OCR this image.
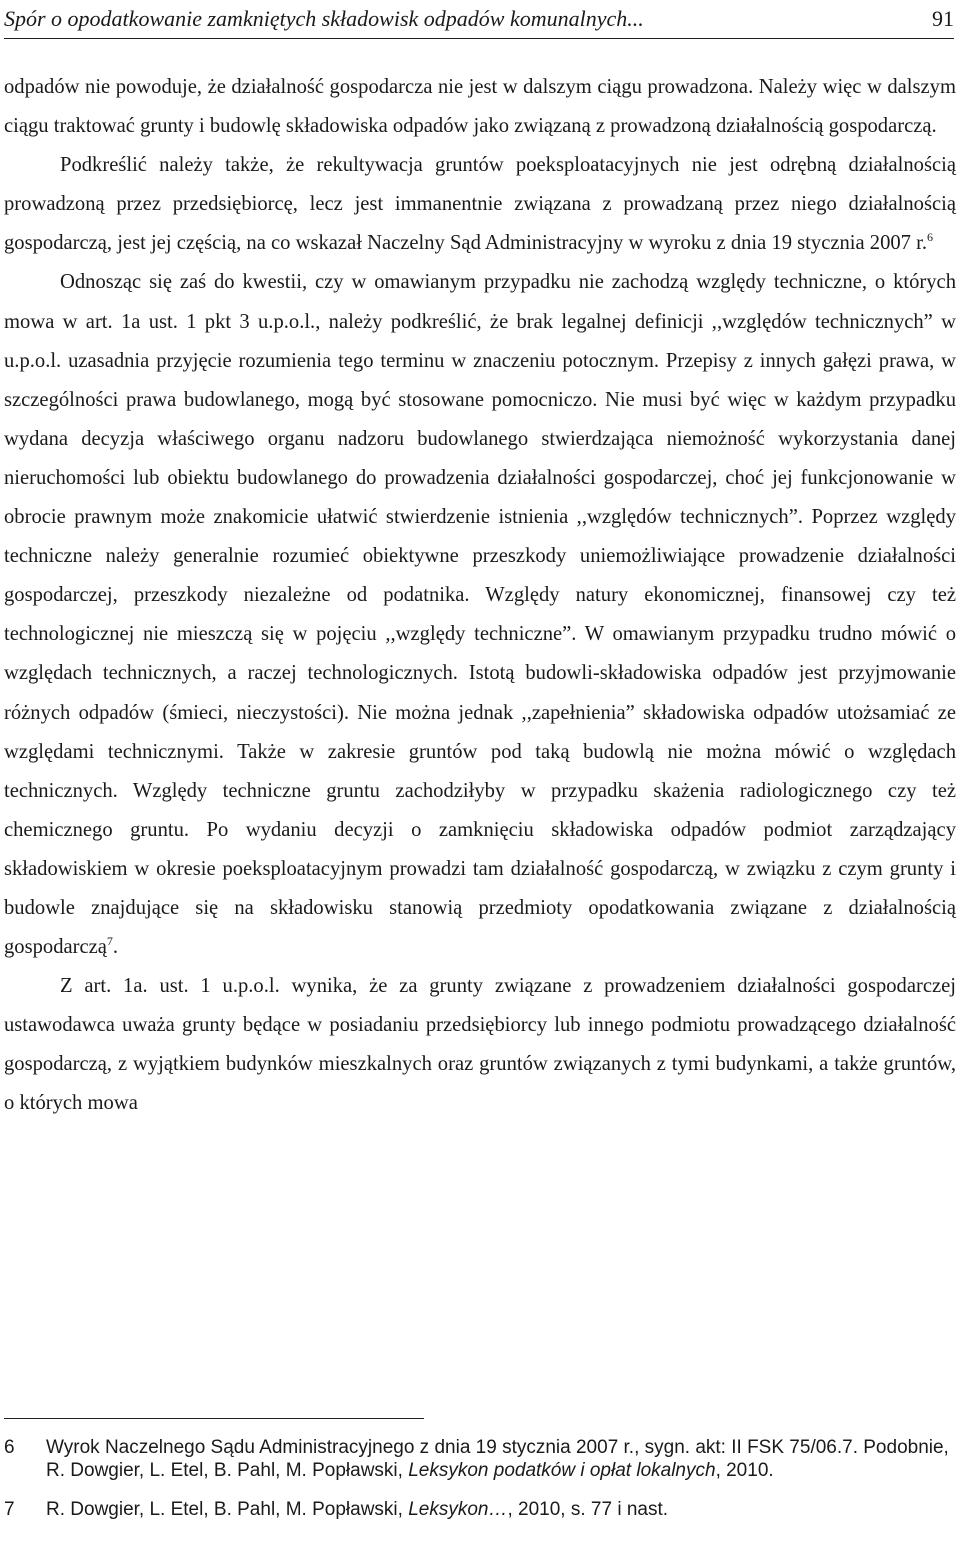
Spór o opodatkowanie zamkniętych składowisk odpadów komunalnych...	91

odpadów nie powoduje, że działalność gospodarcza nie jest w dalszym ciągu prowadzona. Należy więc w dalszym ciągu traktować grunty i budowlę składowiska odpadów jako związaną z prowadzoną działalnością gospodarczą.

Podkreślić należy także, że rekultywacja gruntów poeksploatacyjnych nie jest odrębną działalnością prowadzoną przez przedsiębiorcę, lecz jest immanentnie związana z prowadzaną przez niego działalnością gospodarczą, jest jej częścią, na co wskazał Naczelny Sąd Administracyjny w wyroku z dnia 19 stycznia 2007 r.$^6$

Odnosząc się zaś do kwestii, czy w omawianym przypadku nie zachodzą względy techniczne, o których mowa w art. 1a ust. 1 pkt 3 u.p.o.l., należy podkreślić, że brak legalnej definicji ,,względów technicznych” w u.p.o.l. uzasadnia przyjęcie rozumienia tego terminu w znaczeniu potocznym. Przepisy z innych gałęzi prawa, w szczególności prawa budowlanego, mogą być stosowane pomocniczo. Nie musi być więc w każdym przypadku wydana decyzja właściwego organu nadzoru budowlanego stwierdzająca niemożność wykorzystania danej nieruchomości lub obiektu budowlanego do prowadzenia działalności gospodarczej, choć jej funkcjonowanie w obrocie prawnym może znakomicie ułatwić stwierdzenie istnienia ,,względów technicznych”. Poprzez względy techniczne należy generalnie rozumieć obiektywne przeszkody uniemożliwiające prowadzenie działalności gospodarczej, przeszkody niezależne od podatnika. Względy natury ekonomicznej, finansowej czy też technologicznej nie mieszczą się w pojęciu ,,względy techniczne”. W omawianym przypadku trudno mówić o względach technicznych, a raczej technologicznych. Istotą budowli-składowiska odpadów jest przyjmowanie różnych odpadów (śmieci, nieczystości). Nie można jednak ,,zapełnienia” składowiska odpadów utożsamiać ze względami technicznymi. Także w zakresie gruntów pod taką budowlą nie można mówić o względach technicznych. Względy techniczne gruntu zachodziłyby w przypadku skażenia radiologicznego czy też chemicznego gruntu. Po wydaniu decyzji o zamknięciu składowiska odpadów podmiot zarządzający składowiskiem w okresie poeksploatacyjnym prowadzi tam działalność gospodarczą, w związku z czym grunty i budowle znajdujące się na składowisku stanowią przedmioty opodatkowania związane z działalnością gospodarczą$^7$.

Z art. 1a. ust. 1 u.p.o.l. wynika, że za grunty związane z prowadzeniem działalności gospodarczej ustawodawca uważa grunty będące w posiadaniu przedsiębiorcy lub innego podmiotu prowadzącego działalność gospodarczą, z wyjątkiem budynków mieszkalnych oraz gruntów związanych z tymi budynkami, a także gruntów, o których mowa

6	Wyrok Naczelnego Sądu Administracyjnego z dnia 19 stycznia 2007 r., sygn. akt: II FSK 75/06.7. Podobnie, R. Dowgier, L. Etel, B. Pahl, M. Popławski, Leksykon podatków i opłat lokalnych, 2010.
7	R. Dowgier, L. Etel, B. Pahl, M. Popławski, Leksykon…, 2010, s. 77 i nast.
